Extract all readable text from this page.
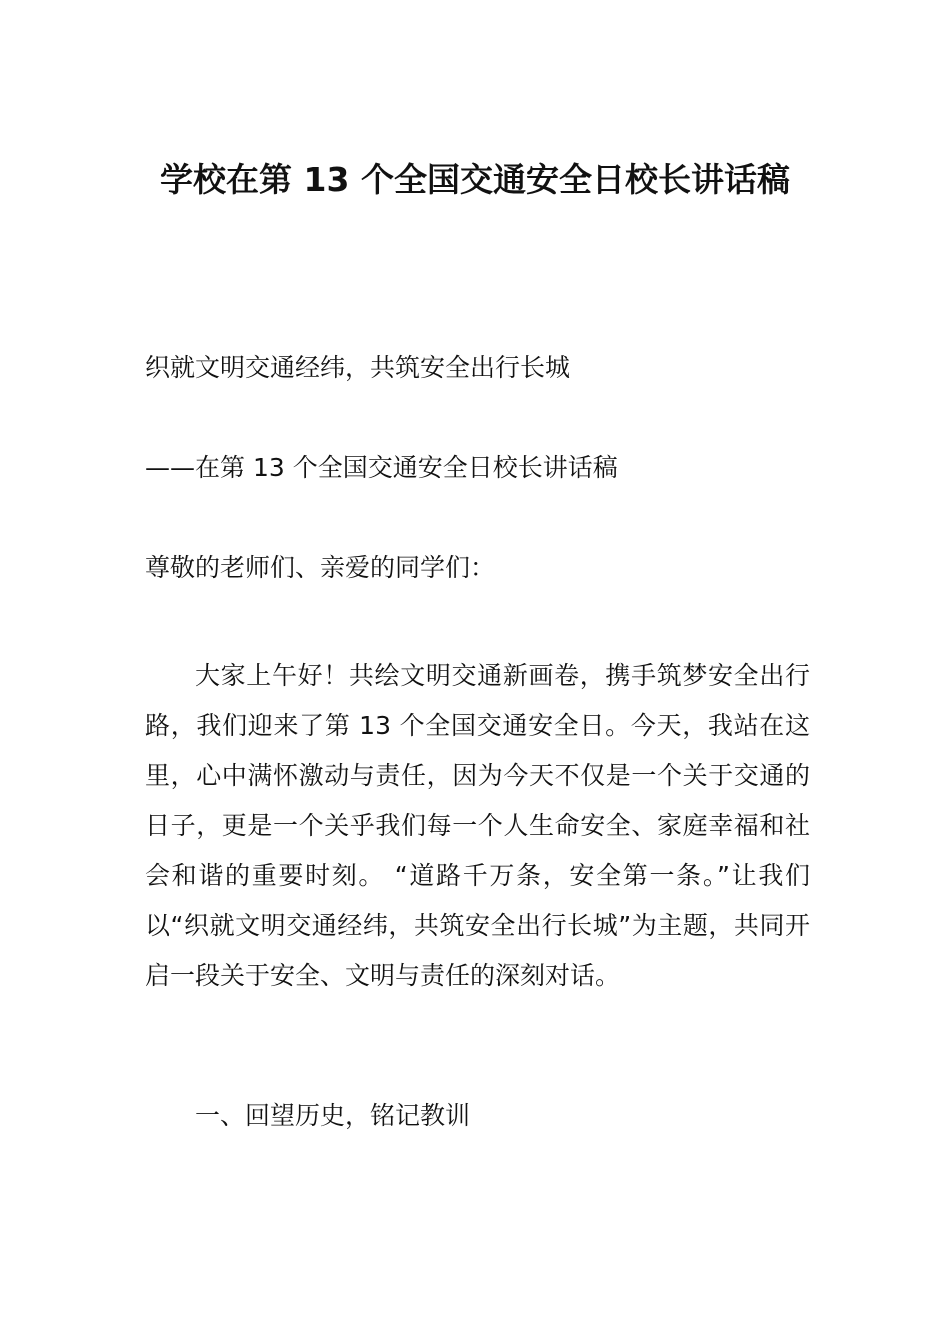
学校在第 13 个全国交通安全日校长讲话稿

织就文明交通经纬，共筑安全出行长城

——在第 13 个全国交通安全日校长讲话稿

尊敬的老师们、亲爱的同学们：

大家上午好！共绘文明交通新画卷，携手筑梦安全出行路，我们迎来了第 13 个全国交通安全日。今天，我站在这里，心中满怀激动与责任，因为今天不仅是一个关于交通的日子，更是一个关乎我们每一个人生命安全、家庭幸福和社会和谐的重要时刻。 “道路千万条，安全第一条。”让我们以“织就文明交通经纬，共筑安全出行长城”为主题，共同开启一段关于安全、文明与责任的深刻对话。

一、回望历史，铭记教训
